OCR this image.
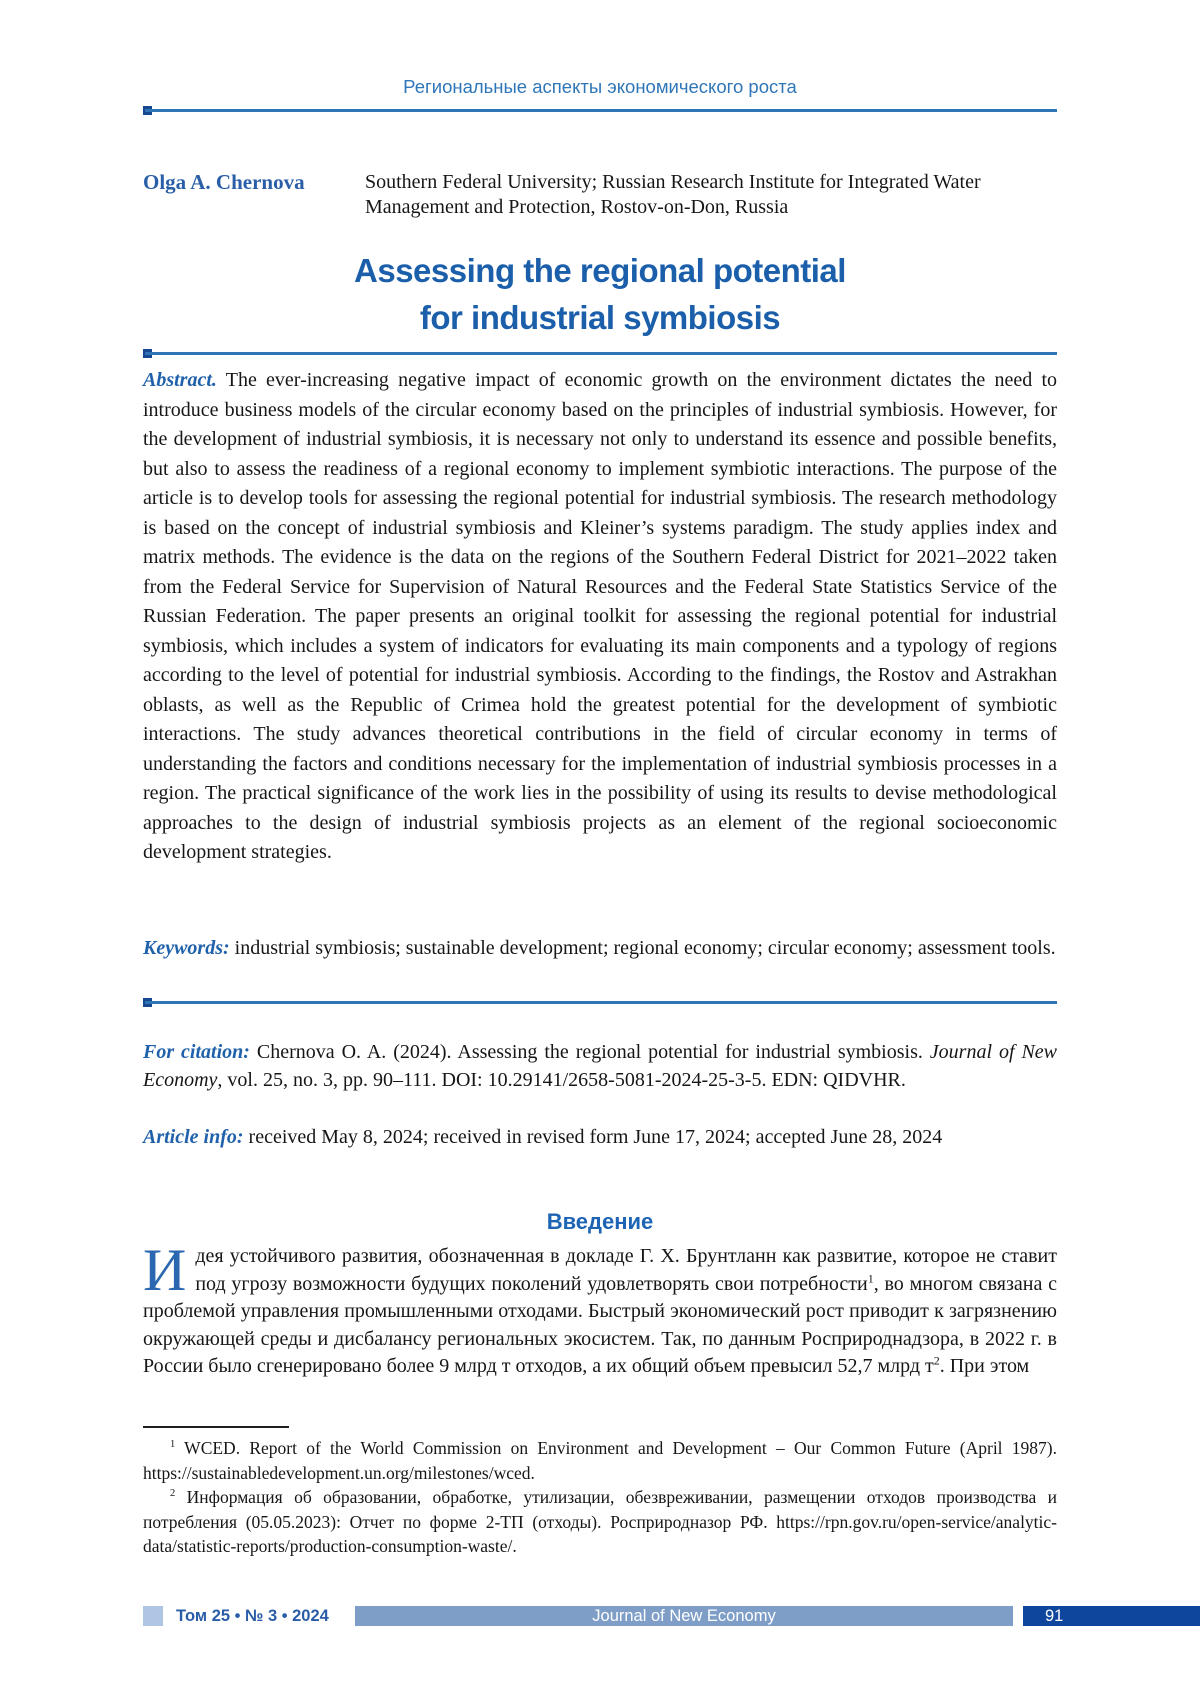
Региональные аспекты экономического роста
Olga A. Chernova	Southern Federal University; Russian Research Institute for Integrated Water
Management and Protection, Rostov-on-Don, Russia
Assessing the regional potential
for industrial symbiosis

Abstract. The ever-increasing negative impact of economic growth on the environment dictates the need to introduce business models of the circular economy based on the principles of industrial symbiosis. However, for the development of industrial symbiosis, it is necessary not only to understand its essence and possible benefits, but also to assess the readiness of a regional economy to implement symbiotic interactions. The purpose of the article is to develop tools for assessing the regional potential for industrial symbiosis. The research methodology is based on the concept of industrial symbiosis and Kleiner’s systems paradigm. The study applies index and matrix methods. The evidence is the data on the regions of the Southern Federal District for 2021–2022 taken from the Federal Service for Supervision of Natural Resources and the Federal State Statistics Service of the Russian Federation. The paper presents an original toolkit for assessing the regional potential for industrial symbiosis, which includes a system of indicators for evaluating its main components and a typology of regions according to the level of potential for industrial symbiosis. According to the findings, the Rostov and Astrakhan oblasts, as well as the Republic of Crimea hold the greatest potential for the development of symbiotic interactions. The study advances theoretical contributions in the field of circular economy in terms of understanding the factors and conditions necessary for the implementation of industrial symbiosis processes in a region. The practical significance of the work lies in the possibility of using its results to devise methodological approaches to the design of industrial symbiosis projects as an element of the regional socioeconomic development strategies.

Keywords: industrial symbiosis; sustainable development; regional economy; circular economy; assessment tools.

For citation: Chernova O. A. (2024). Assessing the regional potential for industrial symbiosis. Journal of New Economy, vol. 25, no. 3, pp. 90–111. DOI: 10.29141/2658-5081-2024-25-3-5. EDN: QIDVHR.

Article info: received May 8, 2024; received in revised form June 17, 2024; accepted June 28, 2024

Введение

Идея устойчивого развития, обозначенная в докладе Г. Х. Брунтланн как развитие, которое не ставит под угрозу возможности будущих поколений удовлетворять свои потребности$^1$, во многом связана с проблемой управления промышленными отходами. Быстрый экономический рост приводит к загрязнению окружающей среды и дисбалансу региональных экосистем. Так, по данным Росприроднадзора, в 2022 г. в России было сгенерировано более 9 млрд т отходов, а их общий объем превысил 52,7 млрд $т^2$. При этом

$^1$ WCED. Report of the World Commission on Environment and Development – Our Common Future (April 1987). https://sustainabledevelopment.un.org/milestones/wced.

$^2$ Информация об образовании, обработке, утилизации, обезвреживании, размещении отходов производства и потребления (05.05.2023): Отчет по форме 2-ТП (отходы). Росприродназор РФ. https://rpn.gov.ru/open-service/analytic-data/statistic-reports/production-consumption-waste/.

Том 25 • № 3 • 2024	Journal of New Economy	91
